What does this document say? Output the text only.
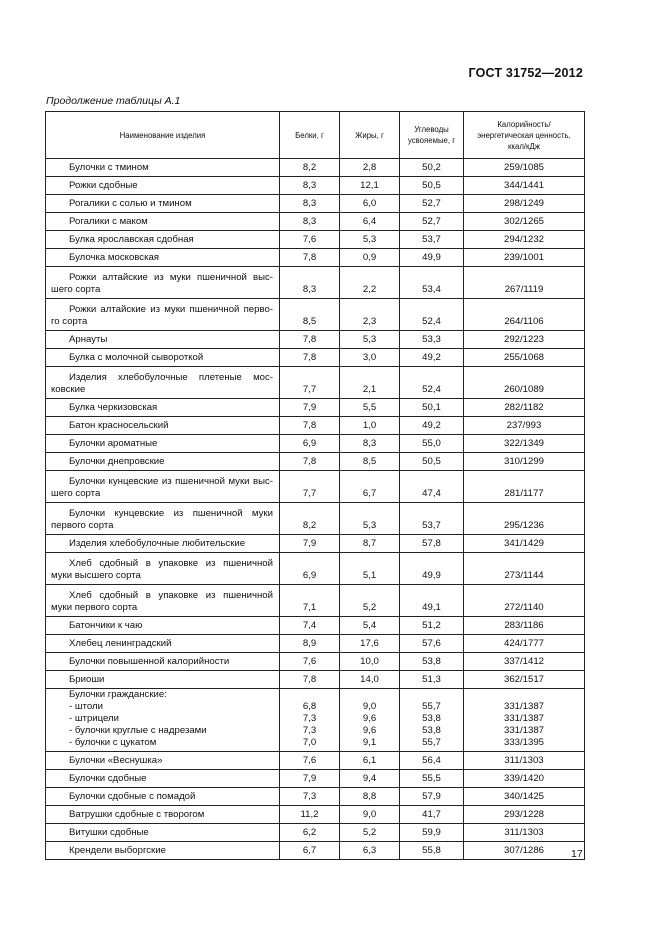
ГОСТ 31752—2012
Продолжение таблицы А.1
Наименование изделия	Белки, г	Жиры, г	Углеводы усвояемые, г	Калорийность/ энергетическая ценность, ккал/кДж

Булочки с тмином	8,2	2,8	50,2	259/1085

Рожки сдобные	8,3	12,1	50,5	344/1441

Рогалики с солью и тмином	8,3	6,0	52,7	298/1249

Рогалики с маком	8,3	6,4	52,7	302/1265

Булка ярославская сдобная	7,6	5,3	53,7	294/1232

Булочка московская	7,8	0,9	49,9	239/1001

Рожки алтайские из муки пшеничной выс-
шего сорта	8,3	2,2	53,4	267/1119

Рожки алтайские из муки пшеничной перво-
го сорта	8,5	2,3	52,4	264/1106

Арнауты	7,8	5,3	53,3	292/1223

Булка с молочной сывороткой	7,8	3,0	49,2	255/1068

Изделия хлебобулочные плетеные мос-
ковские	7,7	2,1	52,4	260/1089

Булка черкизовская	7,9	5,5	50,1	282/1182

Батон красносельский	7,8	1,0	49,2	237/993

Булочки ароматные	6,9	8,3	55,0	322/1349

Булочки днепровские	7,8	8,5	50,5	310/1299

Булочки кунцевские из пшеничной муки выс-
шего сорта	7,7	6,7	47,4	281/1177

Булочки кунцевские из пшеничной муки
первого сорта	8,2	5,3	53,7	295/1236

Изделия хлебобулочные любительские	7,9	8,7	57,8	341/1429

Хлеб сдобный в упаковке из пшеничной
муки высшего сорта	6,9	5,1	49,9	273/1144

Хлеб сдобный в упаковке из пшеничной
муки первого сорта	7,1	5,2	49,1	272/1140

Батончики к чаю	7,4	5,4	51,2	283/1186

Хлебец ленинградский	8,9	17,6	57,6	424/1777

Булочки повышенной калорийности	7,6	10,0	53,8	337/1412

Бриоши	7,8	14,0	51,3	362/1517

Булочки гражданские:
- штоли
- штрицели
- булочки круглые с надрезами
- булочки с цукатом	6,8
7,3
7,3
7,0	9,0
9,6
9,6
9,1	55,7
53,8
53,8
55,7	331/1387
331/1387
331/1387
333/1395

Булочки «Веснушка»	7,6	6,1	56,4	311/1303

Булочки сдобные	7,9	9,4	55,5	339/1420

Булочки сдобные с помадой	7,3	8,8	57,9	340/1425

Ватрушки сдобные с творогом	11,2	9,0	41,7	293/1228

Витушки сдобные	6,2	5,2	59,9	311/1303

Крендели выборгские	6,7	6,3	55,8	307/1286	17
